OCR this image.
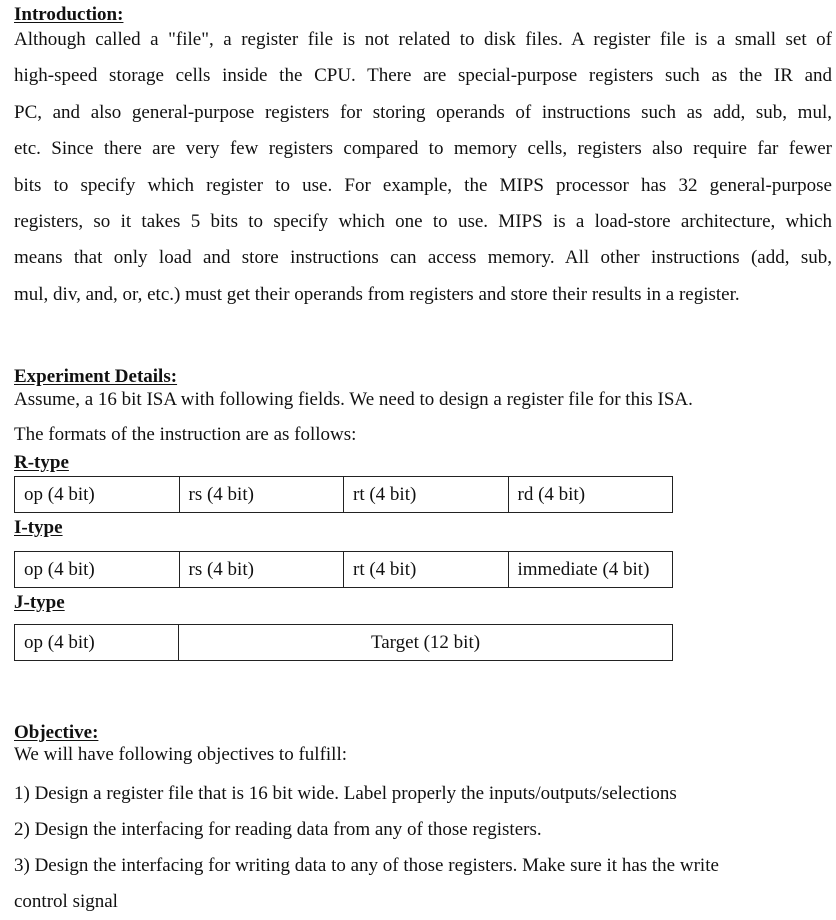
Introduction:

Although called a "file", a register file is not related to disk files. A register file is a small set of

high-speed storage cells inside the CPU. There are special-purpose registers such as the IR and

PC, and also general-purpose registers for storing operands of instructions such as add, sub, mul,

etc. Since there are very few registers compared to memory cells, registers also require far fewer

bits to specify which register to use. For example, the MIPS processor has 32 general-purpose

registers, so it takes 5 bits to specify which one to use. MIPS is a load-store architecture, which

means that only load and store instructions can access memory. All other instructions (add, sub,

mul, div, and, or, etc.) must get their operands from registers and store their results in a register.

Experiment Details:

Assume, a 16 bit ISA with following fields. We need to design a register file for this ISA.

The formats of the instruction are as follows:

R-type
op (4 bit)	rs (4 bit)	rt (4 bit)	rd (4 bit)
I-type
op (4 bit)	rs (4 bit)	rt (4 bit)	immediate (4 bit)
J-type
op (4 bit)	Target (12 bit)
Objective:

We will have following objectives to fulfill:

1) Design a register file that is 16 bit wide. Label properly the inputs/outputs/selections

2) Design the interfacing for reading data from any of those registers.

3) Design the interfacing for writing data to any of those registers. Make sure it has the write

control signal
